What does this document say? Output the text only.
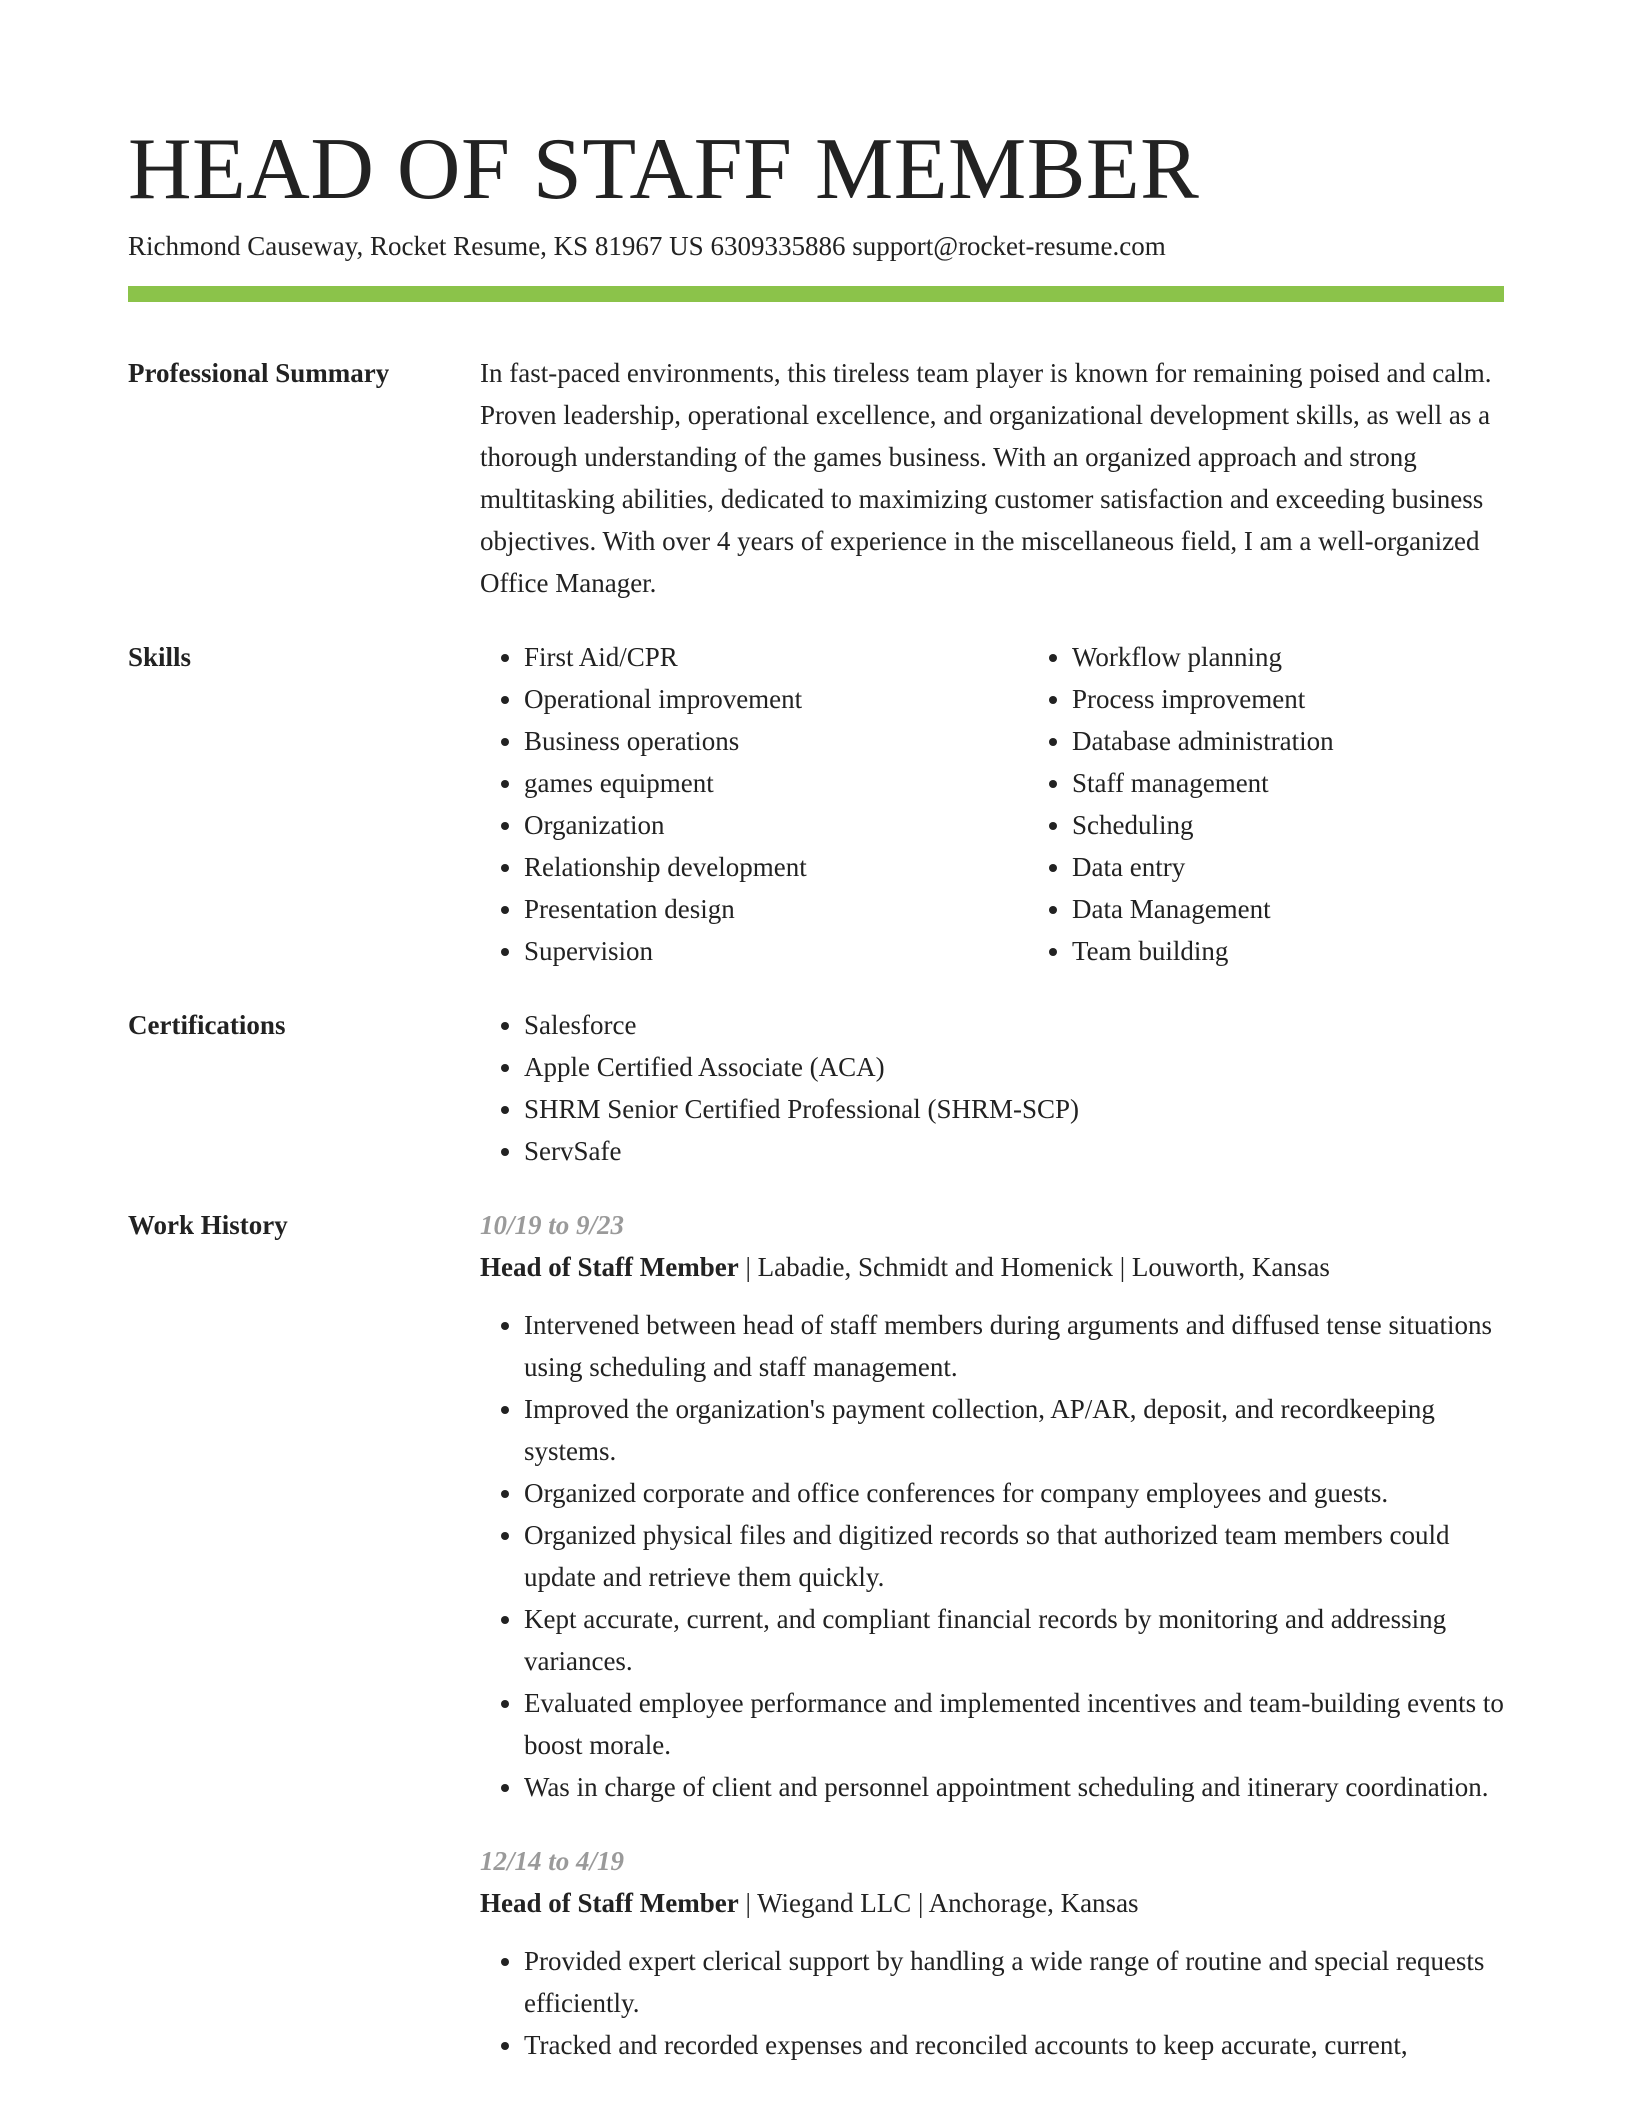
HEAD OF STAFF MEMBER
Richmond Causeway, Rocket Resume, KS 81967 US 6309335886 support@rocket-resume.com
Professional Summary	In fast-paced environments, this tireless team player is known for remaining poised and calm. Proven leadership, operational excellence, and organizational development skills, as well as a thorough understanding of the games business. With an organized approach and strong multitasking abilities, dedicated to maximizing customer satisfaction and exceeding business objectives. With over 4 years of experience in the miscellaneous field, I am a well-organized Office Manager.
Skills	• First Aid/CPR
• Operational improvement
• Business operations
• games equipment
• Organization
• Relationship development
• Presentation design
• Supervision
• Workflow planning
• Process improvement
• Database administration
• Staff management
• Scheduling
• Data entry
• Data Management
• Team building
Certifications	• Salesforce
• Apple Certified Associate (ACA)
• SHRM Senior Certified Professional (SHRM-SCP)
• ServSafe
Work History	10/19 to 9/23
Head of Staff Member | Labadie, Schmidt and Homenick | Louworth, Kansas
• Intervened between head of staff members during arguments and diffused tense situations using scheduling and staff management.
• Improved the organization's payment collection, AP/AR, deposit, and recordkeeping systems.
• Organized corporate and office conferences for company employees and guests.
• Organized physical files and digitized records so that authorized team members could update and retrieve them quickly.
• Kept accurate, current, and compliant financial records by monitoring and addressing variances.
• Evaluated employee performance and implemented incentives and team-building events to boost morale.
• Was in charge of client and personnel appointment scheduling and itinerary coordination.
12/14 to 4/19
Head of Staff Member | Wiegand LLC | Anchorage, Kansas
• Provided expert clerical support by handling a wide range of routine and special requests efficiently.
• Tracked and recorded expenses and reconciled accounts to keep accurate, current,
